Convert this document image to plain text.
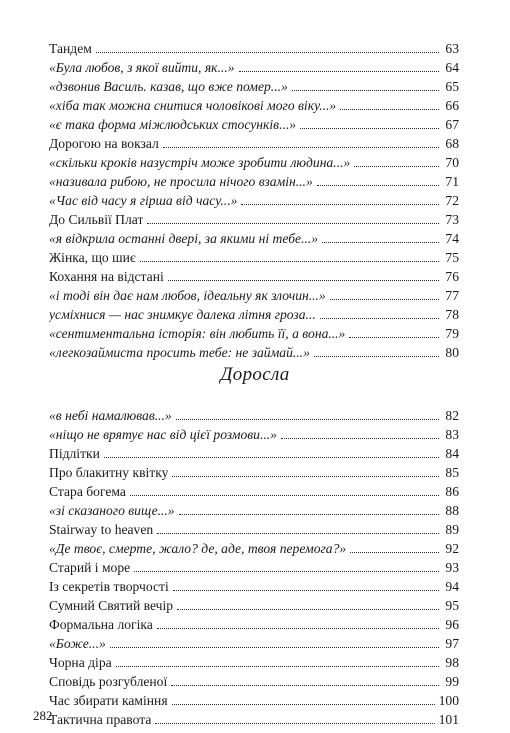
Тандем	63
«Була любов, з якої вийти, як...»	64
«дзвонив Василь. казав, що вже помер...»	65
«хіба так можна снитися чоловікові мого віку...»	66
«є така форма міжлюдських стосунків...»	67
Дорогою на вокзал	68
«скільки кроків назустріч може зробити людина...»	70
«називала рибою, не просила нічого взамін...»	71
«Час від часу я гірша від часу...»	72
До Сильвії Плат	73
«я відкрила останні двері, за якими ні тебе...»	74
Жінка, що шиє	75
Кохання на відстані	76
«і тоді він дає нам любов, ідеальну як злочин...»	77
усміхнися — нас знимкує далека літня гроза...	78
«сентиментальна історія: він любить її, а вона...»	79
«легкозаймиста просить тебе: не займай...»	80
Доросла
«в небі намалював...»	82
«ніщо не врятує нас від цієї розмови...»	83
Підлітки	84
Про блакитну квітку	85
Стара богема	86
«зі сказаного вище...»	88
Stairway to heaven	89
«Де твоє, смерте, жало? де, аде, твоя перемога?»	92
Старий і море	93
Із секретів творчості	94
Сумний Святий вечір	95
Формальна логіка	96
«Боже...»	97
Чорна діра	98
Сповідь розгубленої	99
Час збирати каміння	100
Тактична правота	101
282
